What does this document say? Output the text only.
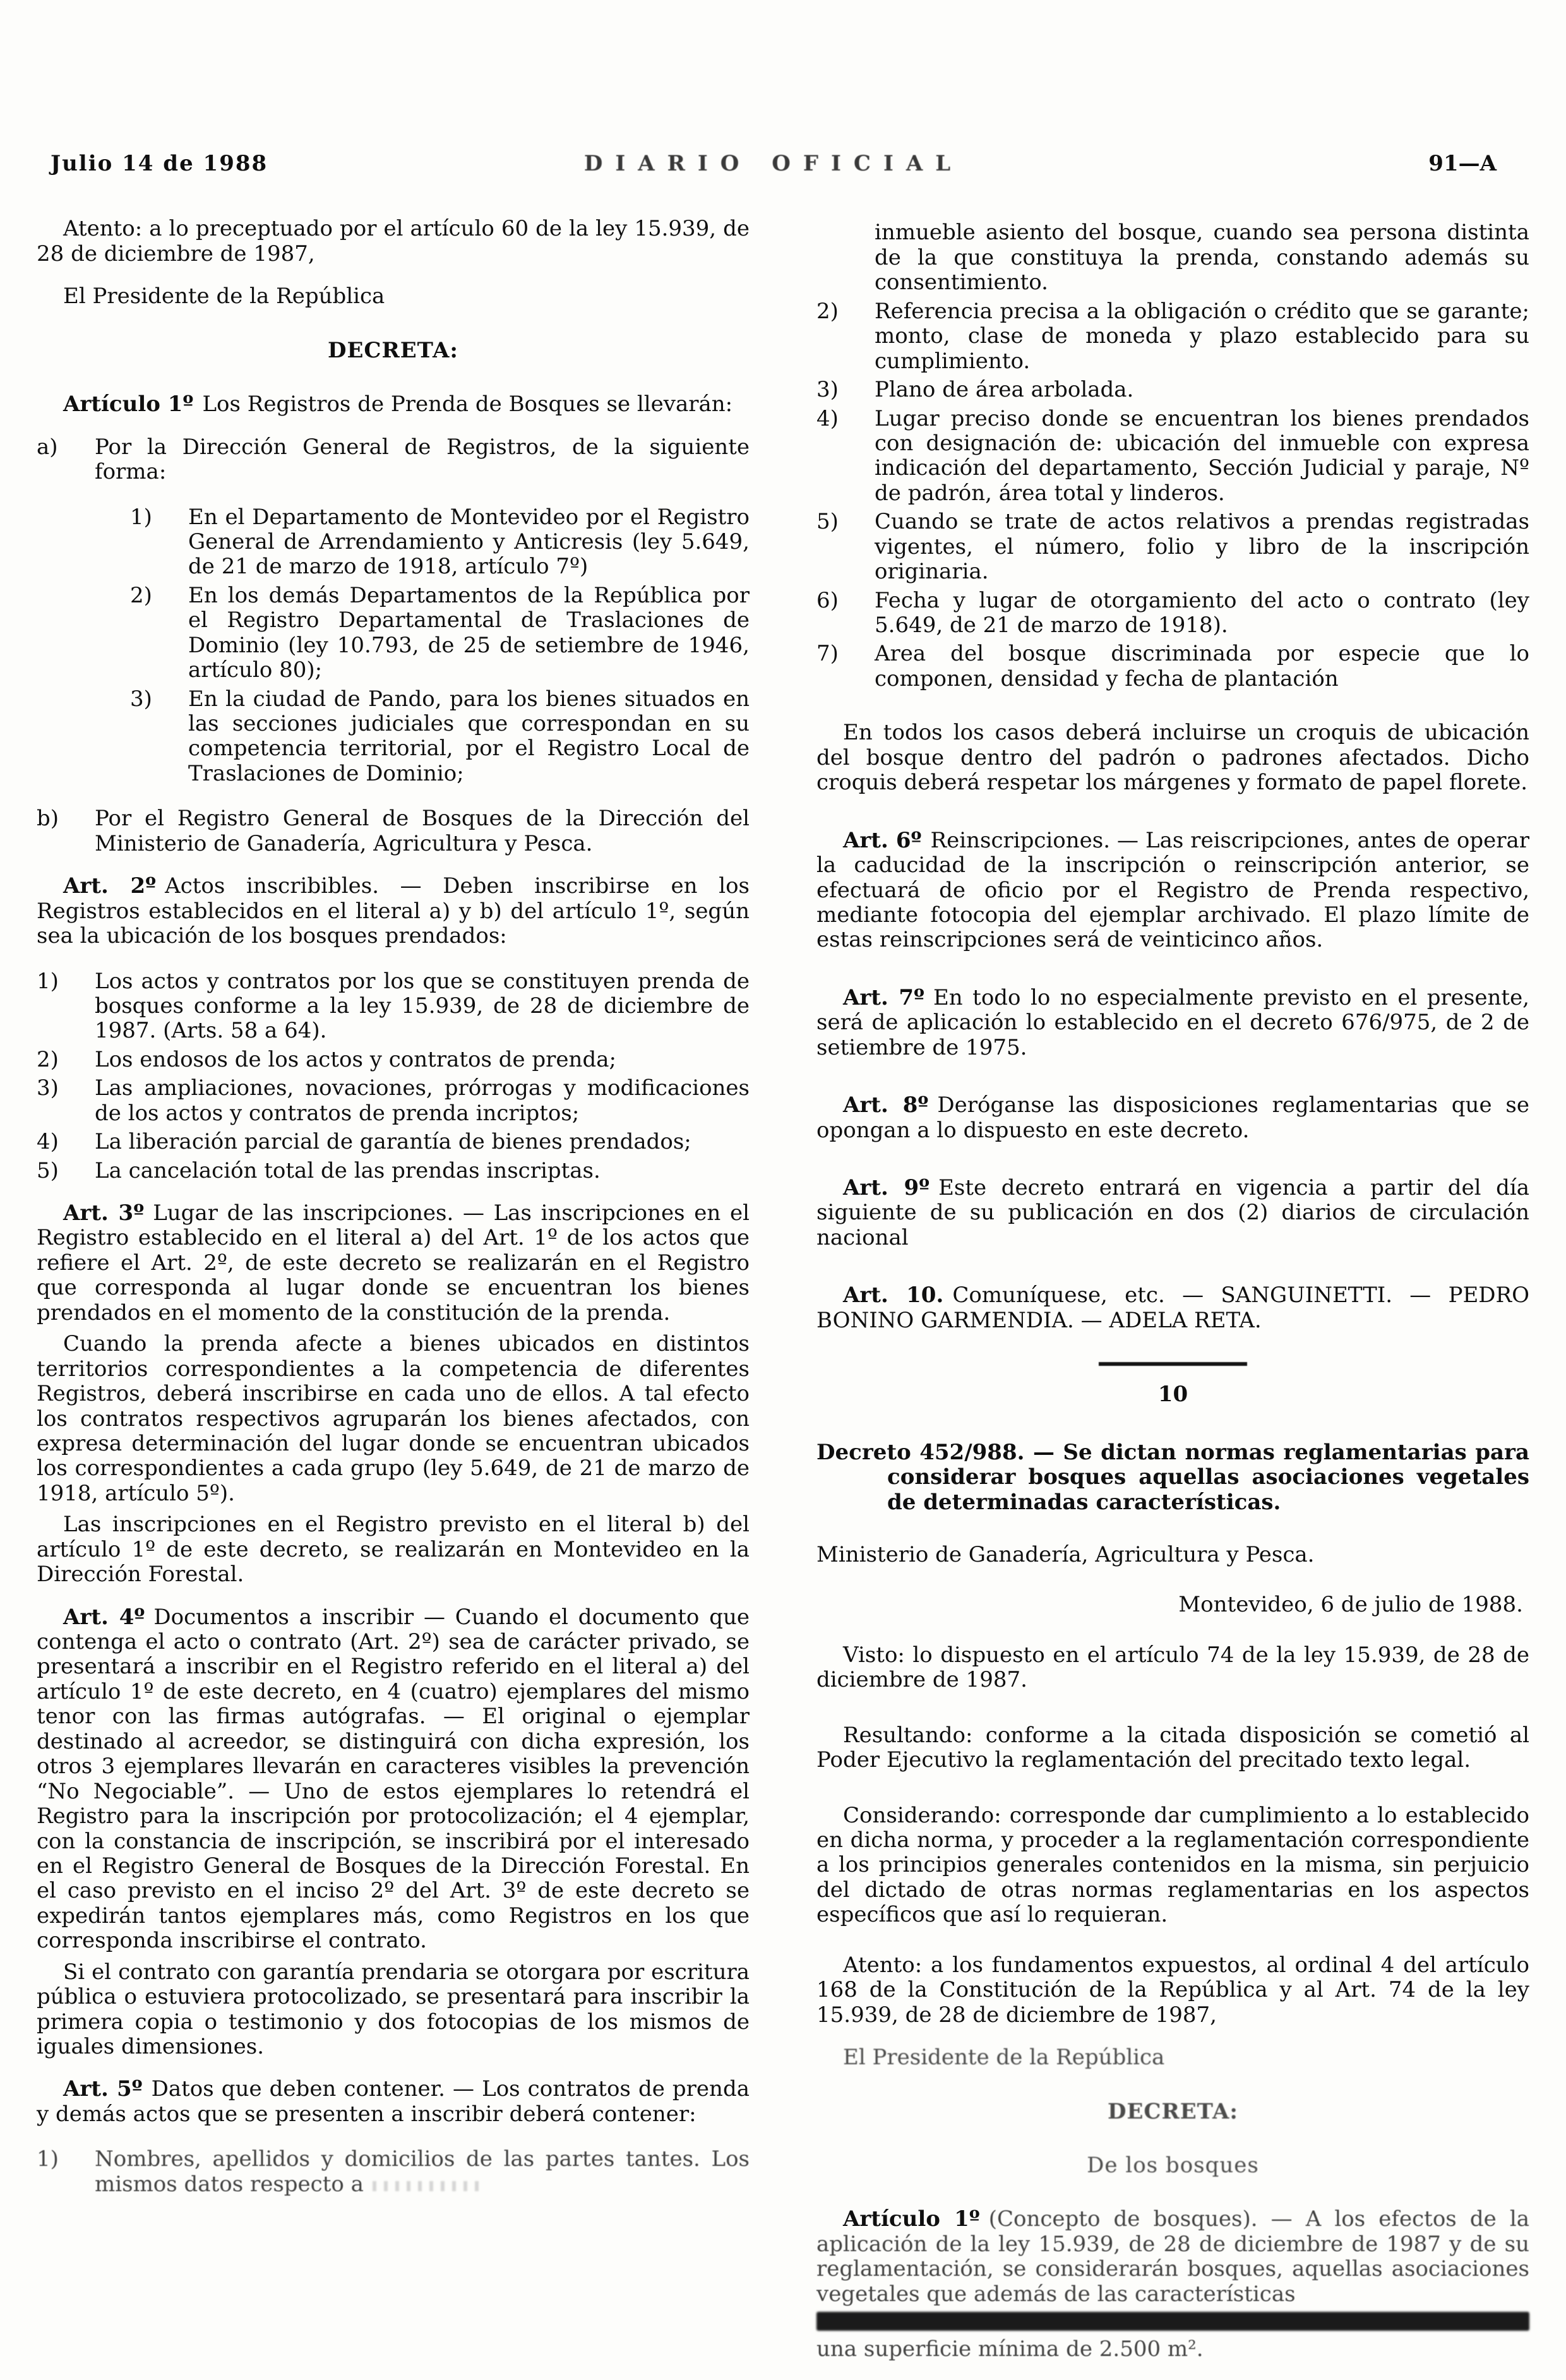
Julio 14 de 1988	DIARIO OFICIAL	91—A
Atento: a lo preceptuado por el artículo 60 de la ley 15.939, de 28 de diciembre de 1987,
El Presidente de la República
DECRETA:
Artículo 1º Los Registros de Prenda de Bosques se llevarán:
a)	Por la Dirección General de Registros, de la siguiente forma:
1)	En el Departamento de Montevideo por el Registro General de Arrendamiento y Anticresis (ley 5.649, de 21 de marzo de 1918, artículo 7º)
2)	En los demás Departamentos de la República por el Registro Departamental de Traslaciones de Dominio (ley 10.793, de 25 de setiembre de 1946, artículo 80);
3)	En la ciudad de Pando, para los bienes situados en las secciones judiciales que correspondan en su competencia territorial, por el Registro Local de Traslaciones de Dominio;
b)	Por el Registro General de Bosques de la Dirección del Ministerio de Ganadería, Agricultura y Pesca.
Art. 2º Actos inscribibles. — Deben inscribirse en los Registros establecidos en el literal a) y b) del artículo 1º, según sea la ubicación de los bosques prendados:
1)	Los actos y contratos por los que se constituyen prenda de bosques conforme a la ley 15.939, de 28 de diciembre de 1987. (Arts. 58 a 64).
2)	Los endosos de los actos y contratos de prenda;
3)	Las ampliaciones, novaciones, prórrogas y modificaciones de los actos y contratos de prenda incriptos;
4)	La liberación parcial de garantía de bienes prendados;
5)	La cancelación total de las prendas inscriptas.
Art. 3º Lugar de las inscripciones. — Las inscripciones en el Registro establecido en el literal a) del Art. 1º de los actos que refiere el Art. 2º, de este decreto se realizarán en el Registro que corresponda al lugar donde se encuentran los bienes prendados en el momento de la constitución de la prenda.
Cuando la prenda afecte a bienes ubicados en distintos territorios correspondientes a la competencia de diferentes Registros, deberá inscribirse en cada uno de ellos. A tal efecto los contratos respectivos agruparán los bienes afectados, con expresa determinación del lugar donde se encuentran ubicados los correspondientes a cada grupo (ley 5.649, de 21 de marzo de 1918, artículo 5º).
Las inscripciones en el Registro previsto en el literal b) del artículo 1º de este decreto, se realizarán en Montevideo en la Dirección Forestal.
Art. 4º Documentos a inscribir — Cuando el documento que contenga el acto o contrato (Art. 2º) sea de carácter privado, se presentará a inscribir en el Registro referido en el literal a) del artículo 1º de este decreto, en 4 (cuatro) ejemplares del mismo tenor con las firmas autógrafas. — El original o ejemplar destinado al acreedor, se distinguirá con dicha expresión, los otros 3 ejemplares llevarán en caracteres visibles la prevención “No Negociable”. — Uno de estos ejemplares lo retendrá el Registro para la inscripción por protocolización; el 4 ejemplar, con la constancia de inscripción, se inscribirá por el interesado en el Registro General de Bosques de la Dirección Forestal. En el caso previsto en el inciso 2º del Art. 3º de este decreto se expedirán tantos ejemplares más, como Registros en los que corresponda inscribirse el contrato.
Si el contrato con garantía prendaria se otorgara por escritura pública o estuviera protocolizado, se presentará para inscribir la primera copia o testimonio y dos fotocopias de los mismos de iguales dimensiones.
Art. 5º Datos que deben contener. — Los contratos de prenda y demás actos que se presenten a inscribir deberá contener:
1)	Nombres, apellidos y domicilios de las partes tantes. Los mismos datos respecto a
inmueble asiento del bosque, cuando sea persona distinta de la que constituya la prenda, constando además su consentimiento.
2)	Referencia precisa a la obligación o crédito que se garante; monto, clase de moneda y plazo establecido para su cumplimiento.
3)	Plano de área arbolada.
4)	Lugar preciso donde se encuentran los bienes prendados con designación de: ubicación del inmueble con expresa indicación del departamento, Sección Judicial y paraje, Nº de padrón, área total y linderos.
5)	Cuando se trate de actos relativos a prendas registradas vigentes, el número, folio y libro de la inscripción originaria.
6)	Fecha y lugar de otorgamiento del acto o contrato (ley 5.649, de 21 de marzo de 1918).
7)	Area del bosque discriminada por especie que lo componen, densidad y fecha de plantación
En todos los casos deberá incluirse un croquis de ubicación del bosque dentro del padrón o padrones afectados. Dicho croquis deberá respetar los márgenes y formato de papel florete.
Art. 6º Reinscripciones. — Las reiscripciones, antes de operar la caducidad de la inscripción o reinscripción anterior, se efectuará de oficio por el Registro de Prenda respectivo, mediante fotocopia del ejemplar archivado. El plazo límite de estas reinscripciones será de veinticinco años.
Art. 7º En todo lo no especialmente previsto en el presente, será de aplicación lo establecido en el decreto 676/975, de 2 de setiembre de 1975.
Art. 8º Deróganse las disposiciones reglamentarias que se opongan a lo dispuesto en este decreto.
Art. 9º Este decreto entrará en vigencia a partir del día siguiente de su publicación en dos (2) diarios de circulación nacional
Art. 10. Comuníquese, etc. — SANGUINETTI. — PEDRO BONINO GARMENDIA. — ADELA RETA.
10
Decreto 452/988. — Se dictan normas reglamentarias para considerar bosques aquellas asociaciones vegetales de determinadas características.
Ministerio de Ganadería, Agricultura y Pesca.
Montevideo, 6 de julio de 1988.
Visto: lo dispuesto en el artículo 74 de la ley 15.939, de 28 de diciembre de 1987.
Resultando: conforme a la citada disposición se cometió al Poder Ejecutivo la reglamentación del precitado texto legal.
Considerando: corresponde dar cumplimiento a lo establecido en dicha norma, y proceder a la reglamentación correspondiente a los principios generales contenidos en la misma, sin perjuicio del dictado de otras normas reglamentarias en los aspectos específicos que así lo requieran.
Atento: a los fundamentos expuestos, al ordinal 4 del artículo 168 de la Constitución de la República y al Art. 74 de la ley 15.939, de 28 de diciembre de 1987,
El Presidente de la República
DECRETA:
De los bosques
Artículo 1º (Concepto de bosques). — A los efectos de la aplicación de la ley 15.939, de 28 de diciembre de 1987 y de su reglamentación, se considerarán bosques, aquellas asociaciones vegetales que además de las características
una superficie mínima de 2.500 m².
